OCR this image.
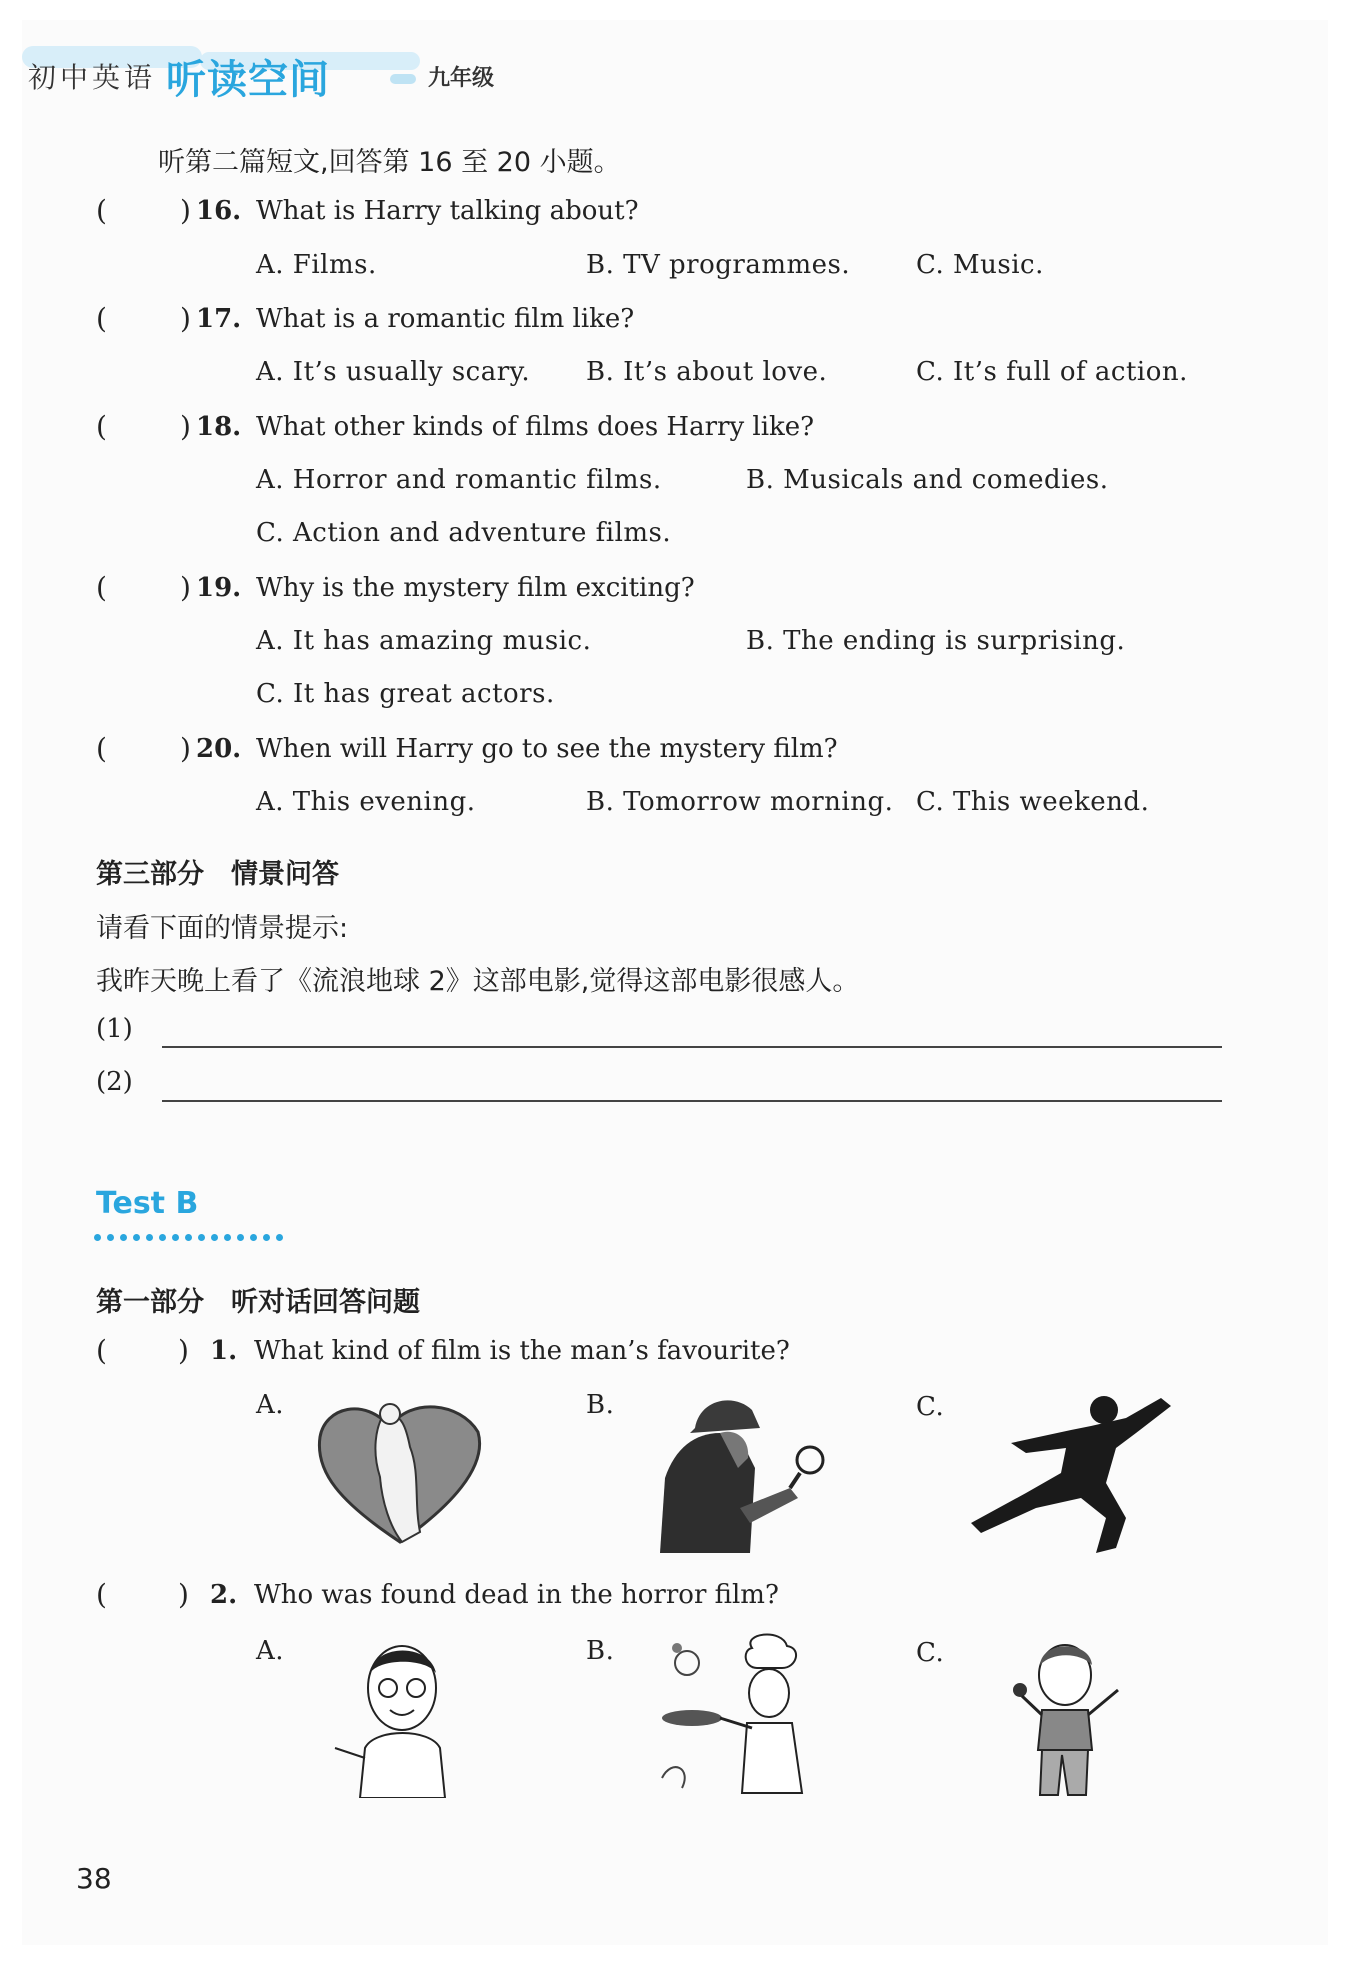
初中英语 听读空间	九年级
听第二篇短文,回答第 16 至 20 小题。
(	) 16. What is Harry talking about?
A. Films.	B. TV programmes.	C. Music.
(	) 17. What is a romantic film like?
A. It’s usually scary. B. It’s about love.	C. It’s full of action.
(	) 18. What other kinds of films does Harry like?
A. Horror and romantic films.	B. Musicals and comedies.
C. Action and adventure films.
(	) 19. Why is the mystery film exciting?
A. It has amazing music.	B. The ending is surprising.
C. It has great actors.
(	) 20. When will Harry go to see the mystery film?
A. This evening.	B. Tomorrow morning. C. This weekend.
第三部分　情景问答
请看下面的情景提示:
我昨天晚上看了《流浪地球 2》这部电影,觉得这部电影很感人。
(1)
(2)
Test B
第一部分　听对话回答问题
(	) 1. What kind of film is the man’s favourite?
A.	B.	C.
(	) 2. Who was found dead in the horror film?
A.	B.	C.
38
